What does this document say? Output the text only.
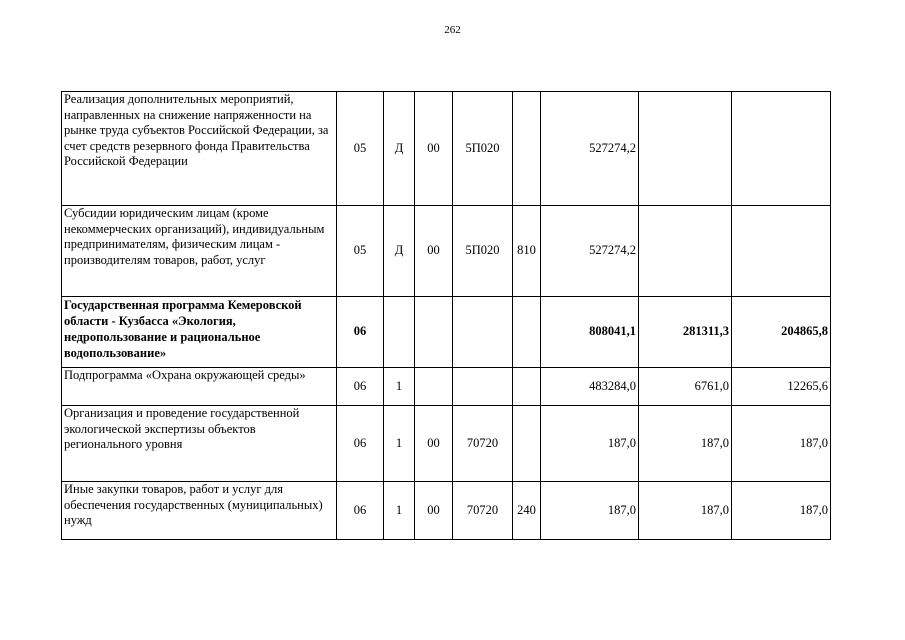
262
Реализация дополнительных мероприятий, направленных на снижение напряженности на рынке труда субъектов Российской Федерации, за счет средств резервного фонда Правительства Российской Федерации	05	Д	00	5П020		527274,2		
Субсидии юридическим лицам (кроме некоммерческих организаций), индивидуальным предпринимателям, физическим лицам - производителям товаров, работ, услуг	05	Д	00	5П020	810	527274,2		
Государственная программа Кемеровской области - Кузбасса «Экология, недропользование и рациональное водопользование»	06					808041,1	281311,3	204865,8
Подпрограмма «Охрана окружающей среды»	06	1				483284,0	6761,0	12265,6
Организация и проведение государственной экологической экспертизы объектов регионального уровня	06	1	00	70720		187,0	187,0	187,0
Иные закупки товаров, работ и услуг для обеспечения государственных (муниципальных) нужд	06	1	00	70720	240	187,0	187,0	187,0
